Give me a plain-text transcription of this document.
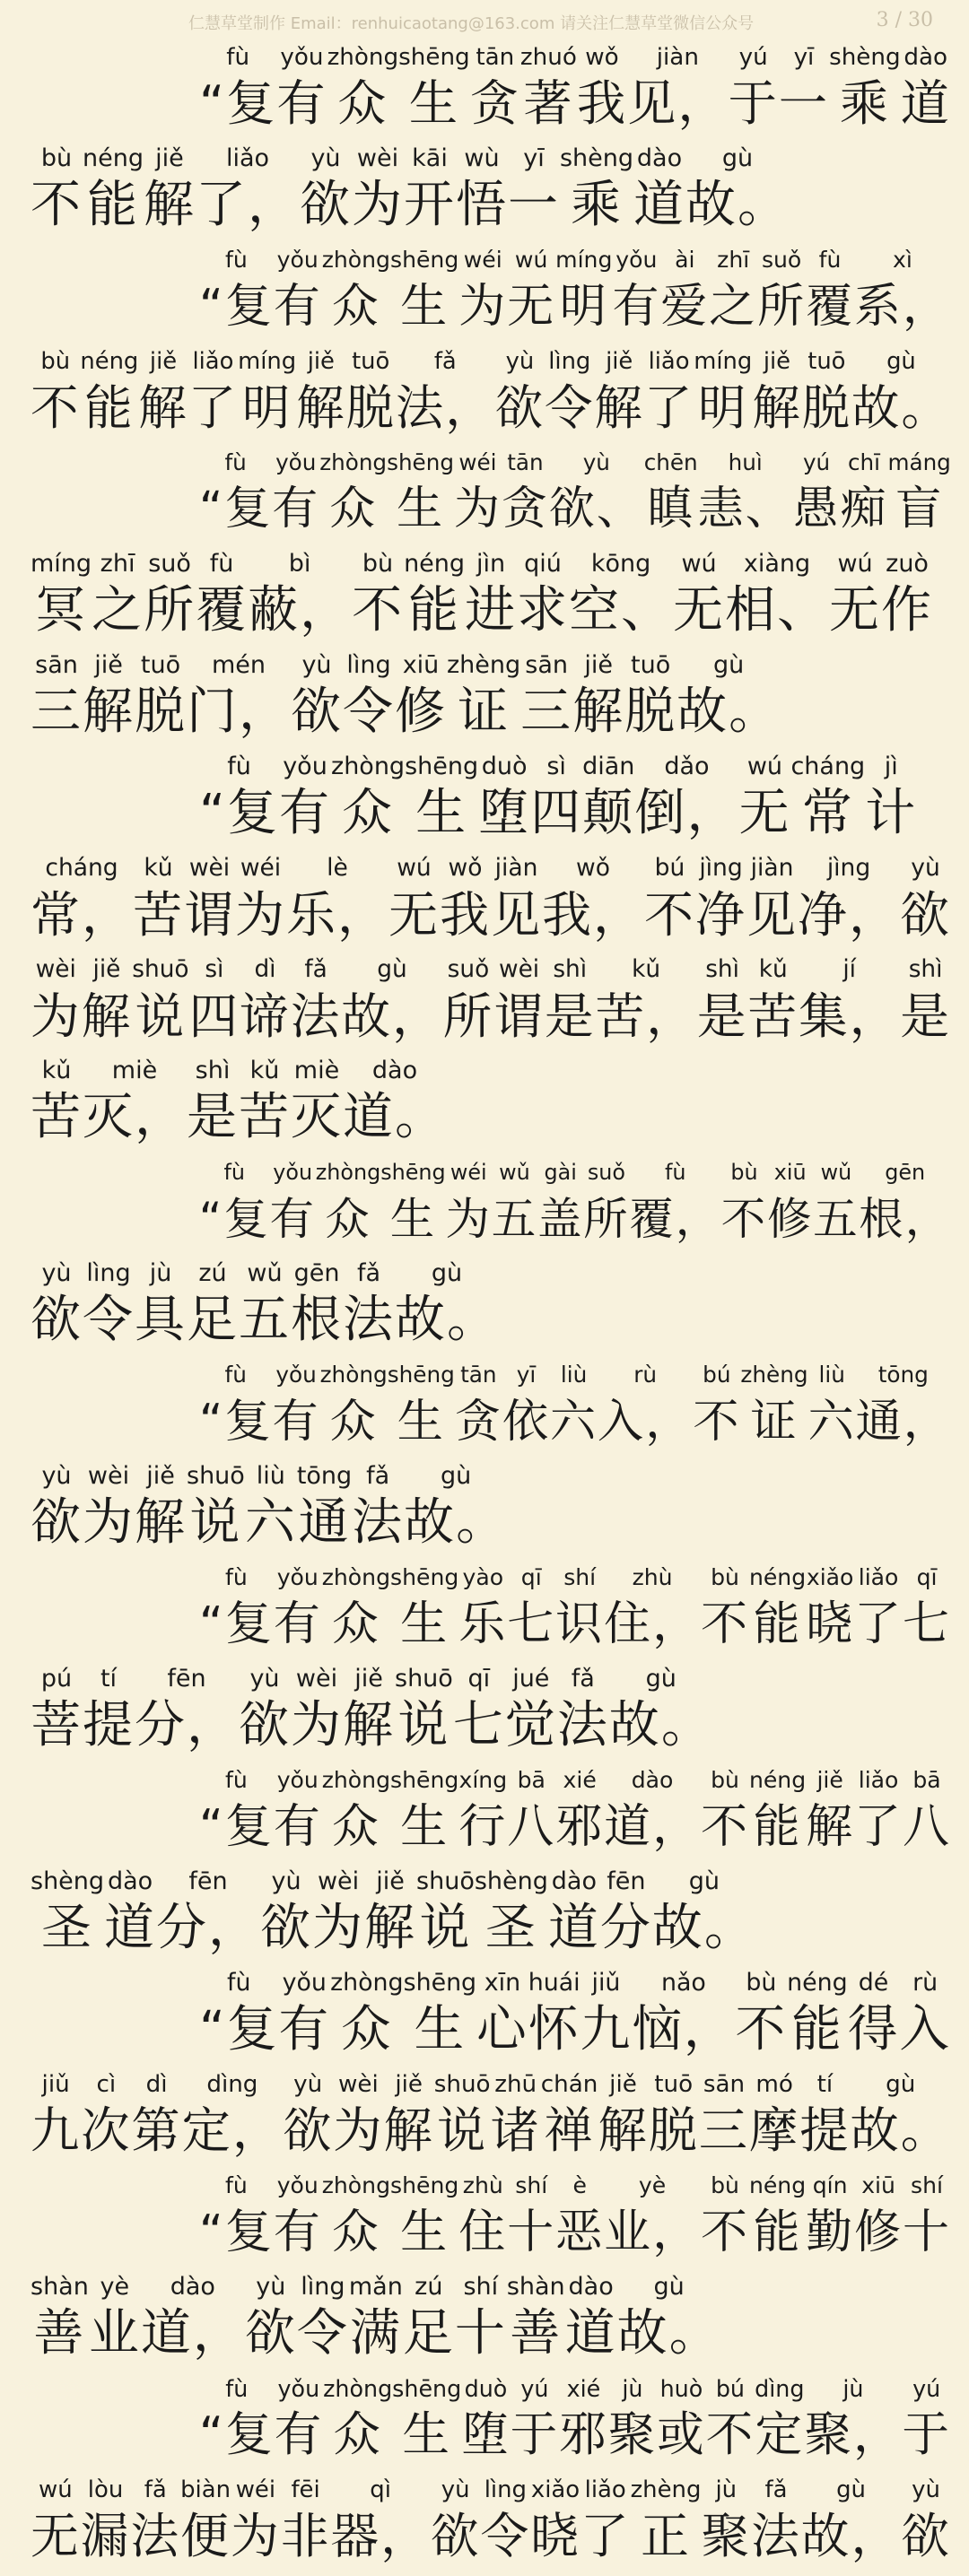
仁慧草堂制作 Email：renhuicaotang@163.com 请关注仁慧草堂微信公众号	3 / 30
fù
“复
yǒu
有
zhòng
众
shēng
生
tān
贪
zhuó
著
wǒ
我
jiàn
见，
yú
于
yī
一
shèng
乘
dào
道
bù
不
néng
能
jiě
解
liǎo
了，
yù
欲
wèi
为
kāi
开
wù
悟
yī
一
shèng
乘
dào
道
gù
故。
fù
“复
yǒu
有
zhòng
众
shēng
生
wéi
为
wú
无
míng
明
yǒu
有
ài
爱
zhī
之
suǒ
所
fù
覆
xì
系，
bù
不
néng
能
jiě
解
liǎo
了
míng
明
jiě
解
tuō
脱
fǎ
法，
yù
欲
lìng
令
jiě
解
liǎo
了
míng
明
jiě
解
tuō
脱
gù
故。
fù
“复
yǒu
有
zhòng
众
shēng
生
wéi
为
tān
贪
yù
欲、
chēn
瞋
huì
恚、
yú
愚
chī
痴
máng
盲
míng
冥
zhī
之
suǒ
所
fù
覆
bì
蔽，
bù
不
néng
能
jìn
进
qiú
求
kōng
空、
wú
无
xiàng
相、
wú
无
zuò
作
sān
三
jiě
解
tuō
脱
mén
门，
yù
欲
lìng
令
xiū
修
zhèng
证
sān
三
jiě
解
tuō
脱
gù
故。
fù
“复
yǒu
有
zhòng
众
shēng
生
duò
堕
sì
四
diān
颠
dǎo
倒，
wú
无
cháng
常
jì
计
cháng
常，
kǔ
苦
wèi
谓
wéi
为
lè
乐，
wú
无
wǒ
我
jiàn
见
wǒ
我，
bú
不
jìng
净
jiàn
见
jìng
净，
yù
欲
wèi
为
jiě
解
shuō
说
sì
四
dì
谛
fǎ
法
gù
故，
suǒ
所
wèi
谓
shì
是
kǔ
苦，
shì
是
kǔ
苦
jí
集，
shì
是
kǔ
苦
miè
灭，
shì
是
kǔ
苦
miè
灭
dào
道。
fù
“复
yǒu
有
zhòng
众
shēng
生
wéi
为
wǔ
五
gài
盖
suǒ
所
fù
覆，
bù
不
xiū
修
wǔ
五
gēn
根，
yù
欲
lìng
令
jù
具
zú
足
wǔ
五
gēn
根
fǎ
法
gù
故。
fù
“复
yǒu
有
zhòng
众
shēng
生
tān
贪
yī
依
liù
六
rù
入，
bú
不
zhèng
证
liù
六
tōng
通，
yù
欲
wèi
为
jiě
解
shuō
说
liù
六
tōng
通
fǎ
法
gù
故。
fù
“复
yǒu
有
zhòng
众
shēng
生
yào
乐
qī
七
shí
识
zhù
住，
bù
不
néng
能
xiǎo
晓
liǎo
了
qī
七
pú
菩
tí
提
fēn
分，
yù
欲
wèi
为
jiě
解
shuō
说
qī
七
jué
觉
fǎ
法
gù
故。
fù
“复
yǒu
有
zhòng
众
shēng
生
xíng
行
bā
八
xié
邪
dào
道，
bù
不
néng
能
jiě
解
liǎo
了
bā
八
shèng
圣
dào
道
fēn
分，
yù
欲
wèi
为
jiě
解
shuō
说
shèng
圣
dào
道
fēn
分
gù
故。
fù
“复
yǒu
有
zhòng
众
shēng
生
xīn
心
huái
怀
jiǔ
九
nǎo
恼，
bù
不
néng
能
dé
得
rù
入
jiǔ
九
cì
次
dì
第
dìng
定，
yù
欲
wèi
为
jiě
解
shuō
说
zhū
诸
chán
禅
jiě
解
tuō
脱
sān
三
mó
摩
tí
提
gù
故。
fù
“复
yǒu
有
zhòng
众
shēng
生
zhù
住
shí
十
è
恶
yè
业，
bù
不
néng
能
qín
勤
xiū
修
shí
十
shàn
善
yè
业
dào
道，
yù
欲
lìng
令
mǎn
满
zú
足
shí
十
shàn
善
dào
道
gù
故。
fù
“复
yǒu
有
zhòng
众
shēng
生
duò
堕
yú
于
xié
邪
jù
聚
huò
或
bú
不
dìng
定
jù
聚，
yú
于
wú
无
lòu
漏
fǎ
法
biàn
便
wéi
为
fēi
非
qì
器，
yù
欲
lìng
令
xiǎo
晓
liǎo
了
zhèng
正
jù
聚
fǎ
法
gù
故，
yù
欲
